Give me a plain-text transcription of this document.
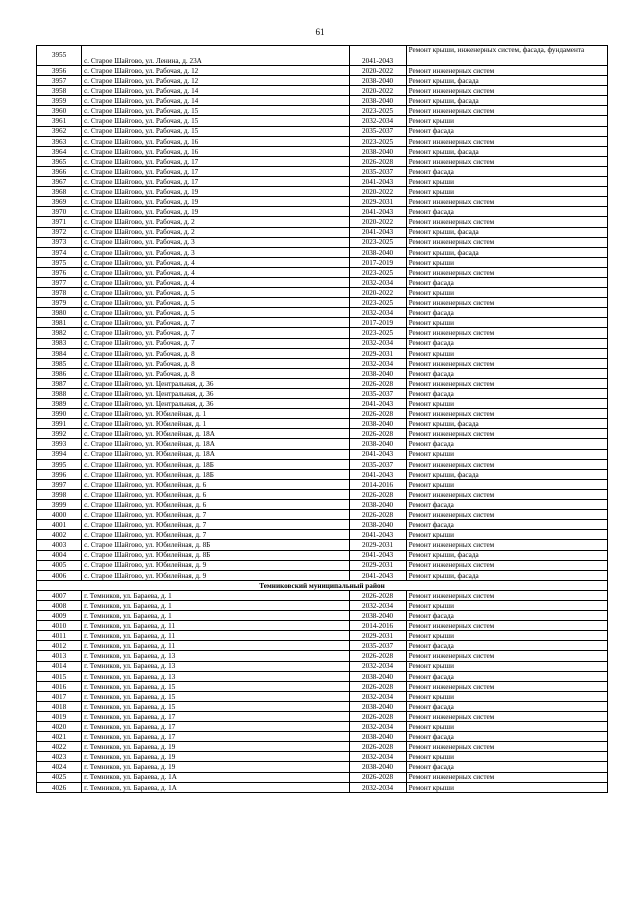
61
3955	с. Старое Шайгово, ул. Ленина, д. 23А	2041-2043	Ремонт крыши, инженерных систем, фасада, фундамента
3956	с. Старое Шайгово, ул. Рабочая, д. 12	2020-2022	Ремонт инженерных систем
3957	с. Старое Шайгово, ул. Рабочая, д. 12	2038-2040	Ремонт крыши, фасада
3958	с. Старое Шайгово, ул. Рабочая, д. 14	2020-2022	Ремонт инженерных систем
3959	с. Старое Шайгово, ул. Рабочая, д. 14	2038-2040	Ремонт крыши, фасада
3960	с. Старое Шайгово, ул. Рабочая, д. 15	2023-2025	Ремонт инженерных систем
3961	с. Старое Шайгово, ул. Рабочая, д. 15	2032-2034	Ремонт крыши
3962	с. Старое Шайгово, ул. Рабочая, д. 15	2035-2037	Ремонт фасада
3963	с. Старое Шайгово, ул. Рабочая, д. 16	2023-2025	Ремонт инженерных систем
3964	с. Старое Шайгово, ул. Рабочая, д. 16	2038-2040	Ремонт крыши, фасада
3965	с. Старое Шайгово, ул. Рабочая, д. 17	2026-2028	Ремонт инженерных систем
3966	с. Старое Шайгово, ул. Рабочая, д. 17	2035-2037	Ремонт фасада
3967	с. Старое Шайгово, ул. Рабочая, д. 17	2041-2043	Ремонт крыши
3968	с. Старое Шайгово, ул. Рабочая, д. 19	2020-2022	Ремонт крыши
3969	с. Старое Шайгово, ул. Рабочая, д. 19	2029-2031	Ремонт инженерных систем
3970	с. Старое Шайгово, ул. Рабочая, д. 19	2041-2043	Ремонт фасада
3971	с. Старое Шайгово, ул. Рабочая, д. 2	2020-2022	Ремонт инженерных систем
3972	с. Старое Шайгово, ул. Рабочая, д. 2	2041-2043	Ремонт крыши, фасада
3973	с. Старое Шайгово, ул. Рабочая, д. 3	2023-2025	Ремонт инженерных систем
3974	с. Старое Шайгово, ул. Рабочая, д. 3	2038-2040	Ремонт крыши, фасада
3975	с. Старое Шайгово, ул. Рабочая, д. 4	2017-2019	Ремонт крыши
3976	с. Старое Шайгово, ул. Рабочая, д. 4	2023-2025	Ремонт инженерных систем
3977	с. Старое Шайгово, ул. Рабочая, д. 4	2032-2034	Ремонт фасада
3978	с. Старое Шайгово, ул. Рабочая, д. 5	2020-2022	Ремонт крыши
3979	с. Старое Шайгово, ул. Рабочая, д. 5	2023-2025	Ремонт инженерных систем
3980	с. Старое Шайгово, ул. Рабочая, д. 5	2032-2034	Ремонт фасада
3981	с. Старое Шайгово, ул. Рабочая, д. 7	2017-2019	Ремонт крыши
3982	с. Старое Шайгово, ул. Рабочая, д. 7	2023-2025	Ремонт инженерных систем
3983	с. Старое Шайгово, ул. Рабочая, д. 7	2032-2034	Ремонт фасада
3984	с. Старое Шайгово, ул. Рабочая, д. 8	2029-2031	Ремонт крыши
3985	с. Старое Шайгово, ул. Рабочая, д. 8	2032-2034	Ремонт инженерных систем
3986	с. Старое Шайгово, ул. Рабочая, д. 8	2038-2040	Ремонт фасада
3987	с. Старое Шайгово, ул. Центральная, д. 36	2026-2028	Ремонт инженерных систем
3988	с. Старое Шайгово, ул. Центральная, д. 36	2035-2037	Ремонт фасада
3989	с. Старое Шайгово, ул. Центральная, д. 36	2041-2043	Ремонт крыши
3990	с. Старое Шайгово, ул. Юбилейная, д. 1	2026-2028	Ремонт инженерных систем
3991	с. Старое Шайгово, ул. Юбилейная, д. 1	2038-2040	Ремонт крыши, фасада
3992	с. Старое Шайгово, ул. Юбилейная, д. 18А	2026-2028	Ремонт инженерных систем
3993	с. Старое Шайгово, ул. Юбилейная, д. 18А	2038-2040	Ремонт фасада
3994	с. Старое Шайгово, ул. Юбилейная, д. 18А	2041-2043	Ремонт крыши
3995	с. Старое Шайгово, ул. Юбилейная, д. 18Б	2035-2037	Ремонт инженерных систем
3996	с. Старое Шайгово, ул. Юбилейная, д. 18Б	2041-2043	Ремонт крыши, фасада
3997	с. Старое Шайгово, ул. Юбилейная, д. 6	2014-2016	Ремонт крыши
3998	с. Старое Шайгово, ул. Юбилейная, д. 6	2026-2028	Ремонт инженерных систем
3999	с. Старое Шайгово, ул. Юбилейная, д. 6	2038-2040	Ремонт фасада
4000	с. Старое Шайгово, ул. Юбилейная, д. 7	2026-2028	Ремонт инженерных систем
4001	с. Старое Шайгово, ул. Юбилейная, д. 7	2038-2040	Ремонт фасада
4002	с. Старое Шайгово, ул. Юбилейная, д. 7	2041-2043	Ремонт крыши
4003	с. Старое Шайгово, ул. Юбилейная, д. 8Б	2029-2031	Ремонт инженерных систем
4004	с. Старое Шайгово, ул. Юбилейная, д. 8Б	2041-2043	Ремонт крыши, фасада
4005	с. Старое Шайгово, ул. Юбилейная, д. 9	2029-2031	Ремонт инженерных систем
4006	с. Старое Шайгово, ул. Юбилейная, д. 9	2041-2043	Ремонт крыши, фасада
Темниковский муниципальный район			
4007	г. Темников, ул. Бараева, д. 1	2026-2028	Ремонт инженерных систем
4008	г. Темников, ул. Бараева, д. 1	2032-2034	Ремонт крыши
4009	г. Темников, ул. Бараева, д. 1	2038-2040	Ремонт фасада
4010	г. Темников, ул. Бараева, д. 11	2014-2016	Ремонт инженерных систем
4011	г. Темников, ул. Бараева, д. 11	2029-2031	Ремонт крыши
4012	г. Темников, ул. Бараева, д. 11	2035-2037	Ремонт фасада
4013	г. Темников, ул. Бараева, д. 13	2026-2028	Ремонт инженерных систем
4014	г. Темников, ул. Бараева, д. 13	2032-2034	Ремонт крыши
4015	г. Темников, ул. Бараева, д. 13	2038-2040	Ремонт фасада
4016	г. Темников, ул. Бараева, д. 15	2026-2028	Ремонт инженерных систем
4017	г. Темников, ул. Бараева, д. 15	2032-2034	Ремонт крыши
4018	г. Темников, ул. Бараева, д. 15	2038-2040	Ремонт фасада
4019	г. Темников, ул. Бараева, д. 17	2026-2028	Ремонт инженерных систем
4020	г. Темников, ул. Бараева, д. 17	2032-2034	Ремонт крыши
4021	г. Темников, ул. Бараева, д. 17	2038-2040	Ремонт фасада
4022	г. Темников, ул. Бараева, д. 19	2026-2028	Ремонт инженерных систем
4023	г. Темников, ул. Бараева, д. 19	2032-2034	Ремонт крыши
4024	г. Темников, ул. Бараева, д. 19	2038-2040	Ремонт фасада
4025	г. Темников, ул. Бараева, д. 1А	2026-2028	Ремонт инженерных систем
4026	г. Темников, ул. Бараева, д. 1А	2032-2034	Ремонт крыши
